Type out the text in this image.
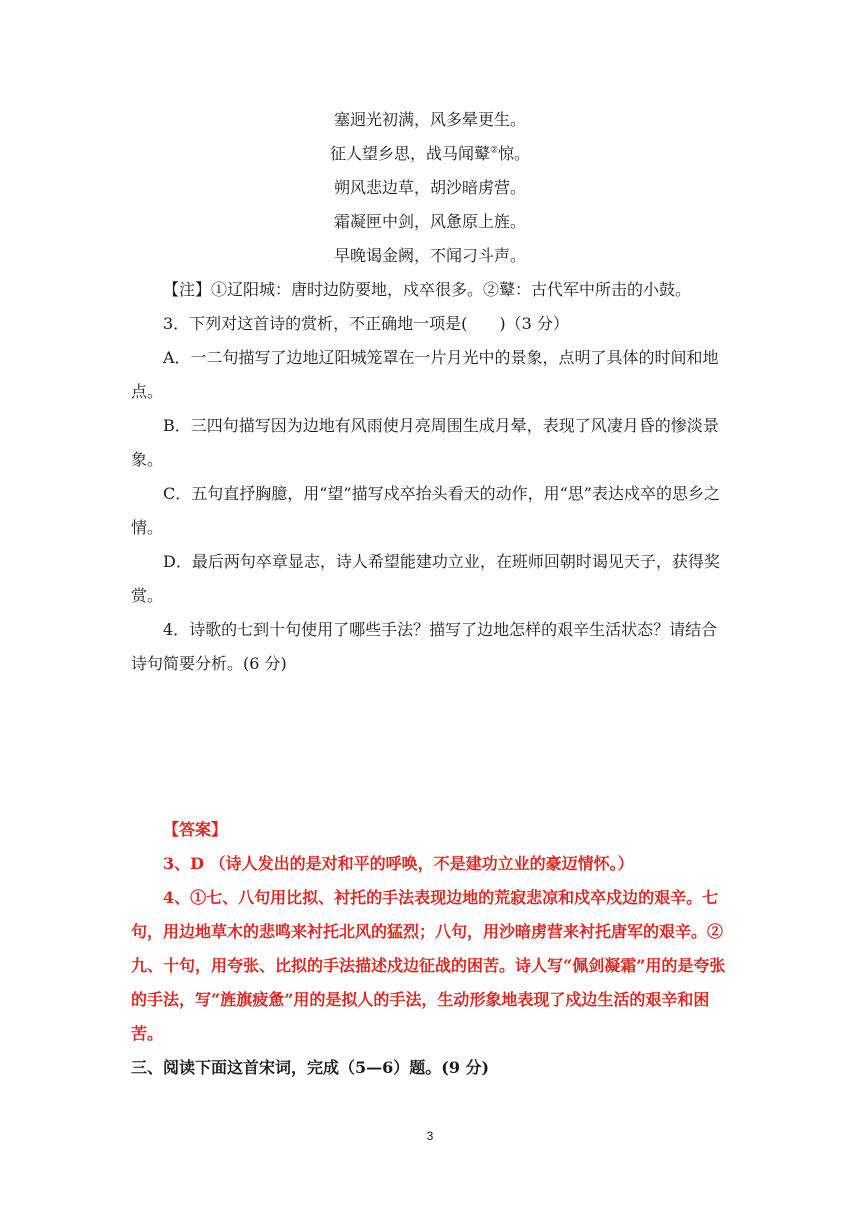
塞迥光初满，风多晕更生。
征人望乡思，战马闻鼙②惊。
朔风悲边草，胡沙暗虏营。
霜凝匣中剑，风惫原上旌。
早晚谒金阙，不闻刁斗声。
【注】①辽阳城：唐时边防要地，戍卒很多。②鼙：古代军中所击的小鼓。
3．下列对这首诗的赏析，不正确地一项是(　　)（3 分）
A．一二句描写了边地辽阳城笼罩在一片月光中的景象，点明了具体的时间和地点。
B．三四句描写因为边地有风雨使月亮周围生成月晕，表现了风凄月昏的惨淡景象。
C．五句直抒胸臆，用“望”描写戍卒抬头看天的动作，用“思”表达戍卒的思乡之情。
D．最后两句卒章显志，诗人希望能建功立业，在班师回朝时谒见天子，获得奖赏。
4．诗歌的七到十句使用了哪些手法？描写了边地怎样的艰辛生活状态？请结合诗句简要分析。(6 分)
【答案】
3、D （诗人发出的是对和平的呼唤，不是建功立业的豪迈情怀。）
4、①七、八句用比拟、衬托的手法表现边地的荒寂悲凉和戍卒戍边的艰辛。七句，用边地草木的悲鸣来衬托北风的猛烈；八句，用沙暗虏营来衬托唐军的艰辛。②九、十句，用夸张、比拟的手法描述戍边征战的困苦。诗人写“佩剑凝霜”用的是夸张的手法，写“旌旗疲惫”用的是拟人的手法，生动形象地表现了戍边生活的艰辛和困苦。
三、阅读下面这首宋词，完成（5—6）题。(9 分)
3
